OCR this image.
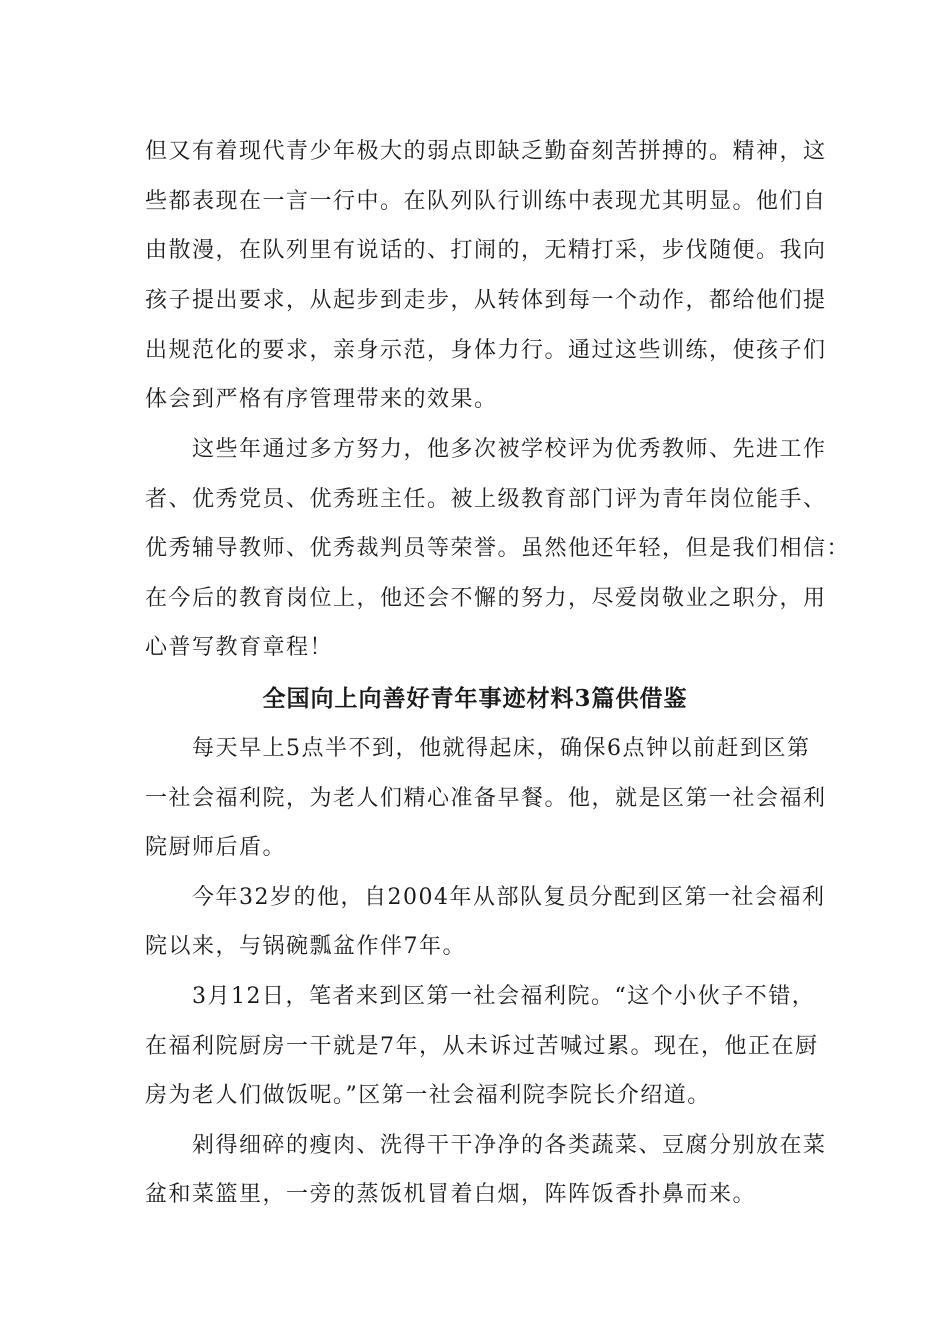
但又有着现代青少年极大的弱点即缺乏勤奋刻苦拼搏的。精神，这
些都表现在一言一行中。在队列队行训练中表现尤其明显。他们自
由散漫，在队列里有说话的、打闹的，无精打采，步伐随便。我向
孩子提出要求，从起步到走步，从转体到每一个动作，都给他们提
出规范化的要求，亲身示范，身体力行。通过这些训练，使孩子们
体会到严格有序管理带来的效果。
这些年通过多方努力，他多次被学校评为优秀教师、先进工作
者、优秀党员、优秀班主任。被上级教育部门评为青年岗位能手、
优秀辅导教师、优秀裁判员等荣誉。虽然他还年轻，但是我们相信：
在今后的教育岗位上，他还会不懈的努力，尽爱岗敬业之职分，用
心普写教育章程！
全国向上向善好青年事迹材料3篇供借鉴
每天早上5点半不到，他就得起床，确保6点钟以前赶到区第
一社会福利院，为老人们精心准备早餐。他，就是区第一社会福利
院厨师后盾。
今年32岁的他，自2004年从部队复员分配到区第一社会福利
院以来，与锅碗瓢盆作伴7年。
3月12日，笔者来到区第一社会福利院。“这个小伙子不错，
在福利院厨房一干就是7年，从未诉过苦喊过累。现在，他正在厨
房为老人们做饭呢。”区第一社会福利院李院长介绍道。
剁得细碎的瘦肉、洗得干干净净的各类蔬菜、豆腐分别放在菜
盆和菜篮里，一旁的蒸饭机冒着白烟，阵阵饭香扑鼻而来。
